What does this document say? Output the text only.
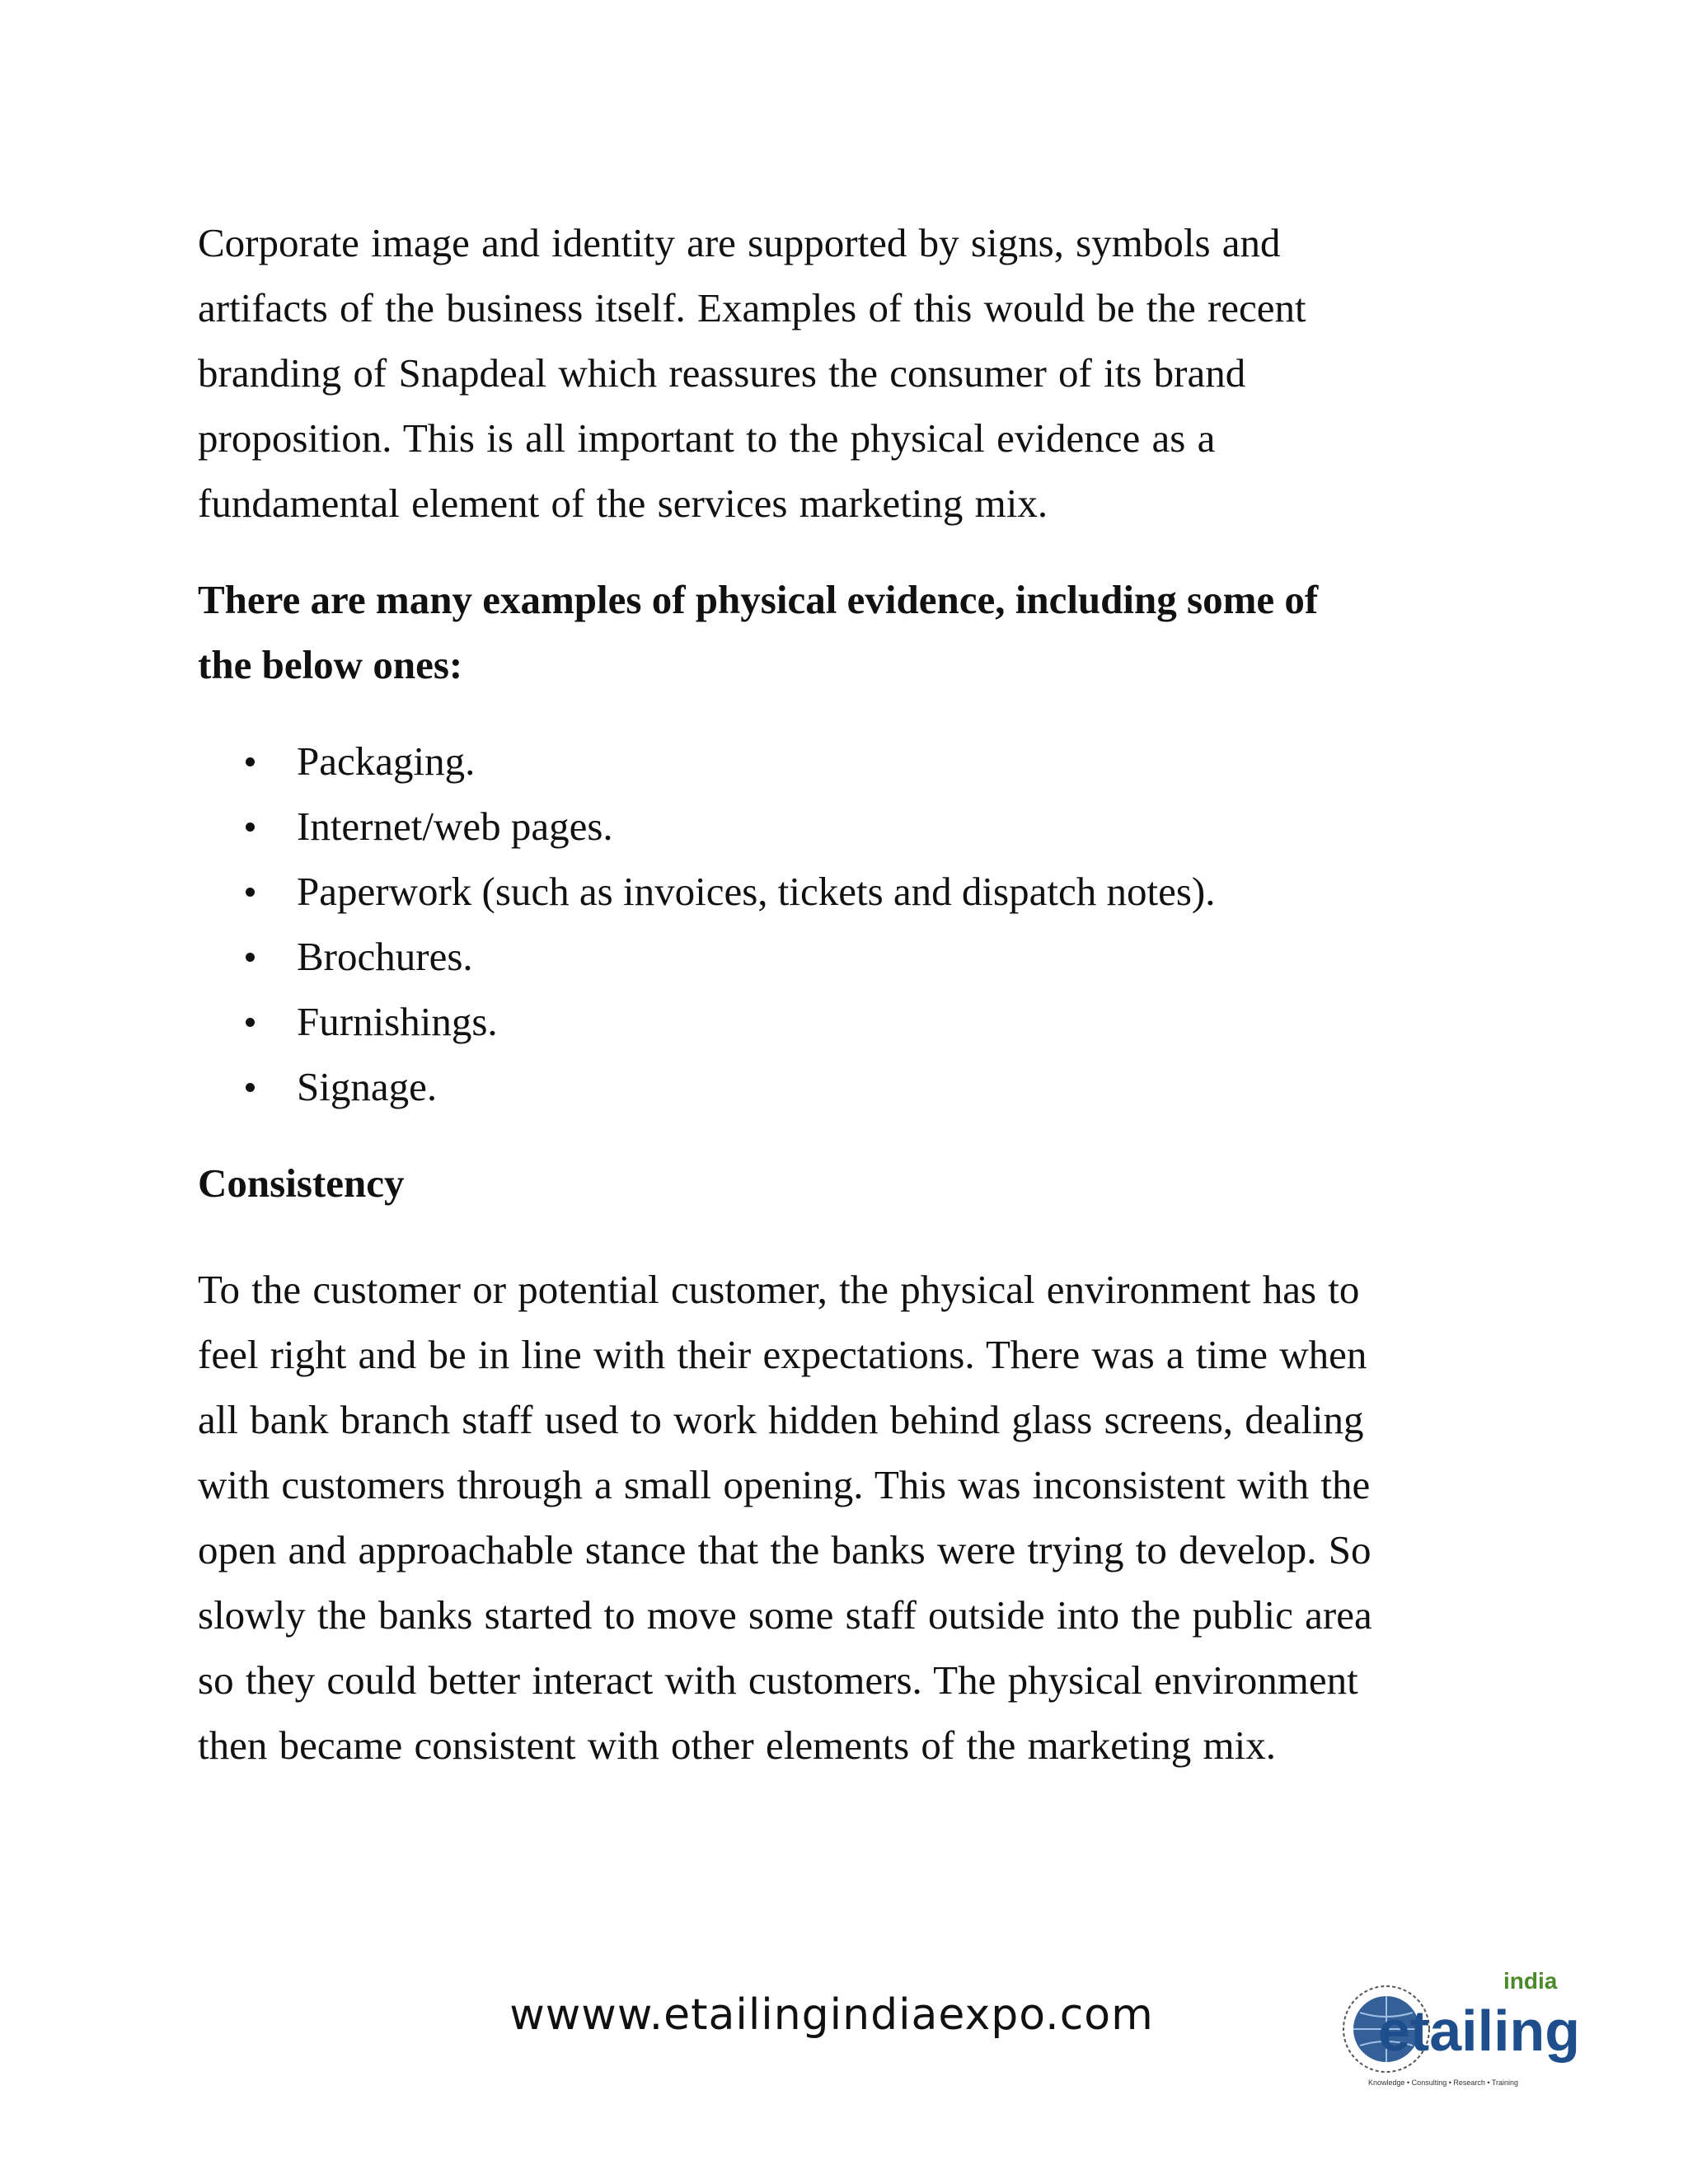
Corporate image and identity are supported by signs, symbols and
artifacts of the business itself. Examples of this would be the recent
branding of Snapdeal which reassures the consumer of its brand
proposition. This is all important to the physical evidence as a
fundamental element of the services marketing mix.

There are many examples of physical evidence, including some of
the below ones:

Packaging.
Internet/web pages.
Paperwork (such as invoices, tickets and dispatch notes).
Brochures.
Furnishings.
Signage.
Consistency

To the customer or potential customer, the physical environment has to
feel right and be in line with their expectations. There was a time when
all bank branch staff used to work hidden behind glass screens, dealing
with customers through a small opening. This was inconsistent with the
open and approachable stance that the banks were trying to develop. So
slowly the banks started to move some staff outside into the public area
so they could better interact with customers. The physical environment
then became consistent with other elements of the marketing mix.

wwww.etailingindiaexpo.com	etailing
india
Knowledge • Consulting • Research • Training
